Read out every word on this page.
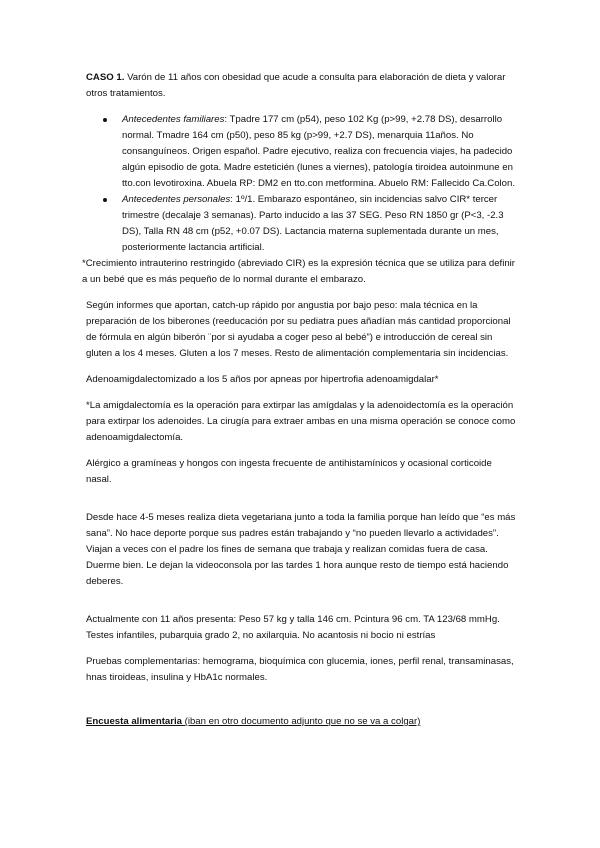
CASO 1. Varón de 11 años con obesidad que acude a consulta para elaboración de dieta y valorar otros tratamientos.

Antecedentes familiares: Tpadre 177 cm (p54), peso 102 Kg (p>99, +2.78 DS), desarrollo normal. Tmadre 164 cm (p50), peso 85 kg (p>99, +2.7 DS), menarquia 11años. No consanguíneos. Origen español. Padre ejecutivo, realiza con frecuencia viajes, ha padecido algún episodio de gota. Madre esteticién (lunes a viernes), patología tiroidea autoinmune en tto.con levotiroxina. Abuela RP: DM2 en tto.con metformina. Abuelo RM: Fallecido Ca.Colon.
Antecedentes personales: 1º/1. Embarazo espontáneo, sin incidencias salvo CIR* tercer trimestre (decalaje 3 semanas). Parto inducido a las 37 SEG. Peso RN 1850 gr (P<3, -2.3 DS), Talla RN 48 cm (p52, +0.07 DS). Lactancia materna suplementada durante un mes, posteriormente lactancia artificial.

*Crecimiento intrauterino restringido (abreviado CIR) es la expresión técnica que se utiliza para definir a un bebé que es más pequeño de lo normal durante el embarazo.

Según informes que aportan, catch-up rápido por angustia por bajo peso: mala técnica en la preparación de los biberones (reeducación por su pediatra pues añadían más cantidad proporcional de fórmula en algún biberón ¨por si ayudaba a coger peso al bebé”) e introducción de cereal sin gluten a los 4 meses. Gluten a los 7 meses. Resto de alimentación complementaria sin incidencias.

Adenoamigdalectomizado a los 5 años por apneas por hipertrofia adenoamigdalar*

*La amigdalectomía es la operación para extirpar las amígdalas y la adenoidectomía es la operación para extirpar los adenoides. La cirugía para extraer ambas en una misma operación se conoce como adenoamigdalectomía.

Alérgico a gramíneas y hongos con ingesta frecuente de antihistamínicos y ocasional corticoide nasal.

Desde hace 4-5 meses realiza dieta vegetariana junto a toda la familia porque han leído que “es más sana”. No hace deporte porque sus padres están trabajando y “no pueden llevarlo a actividades”. Viajan a veces con el padre los fines de semana que trabaja y realizan comidas fuera de casa. Duerme bien. Le dejan la videoconsola por las tardes 1 hora aunque resto de tiempo está haciendo deberes.

Actualmente con 11 años presenta: Peso 57 kg y talla 146 cm. Pcintura 96 cm. TA 123/68 mmHg. Testes infantiles, pubarquia grado 2, no axilarquia. No acantosis ni bocio ni estrías

Pruebas complementarias: hemograma, bioquímica con glucemia, iones, perfil renal, transaminasas, hnas tiroideas, insulina y HbA1c normales.

Encuesta alimentaria (iban en otro documento adjunto que no se va a colgar)
